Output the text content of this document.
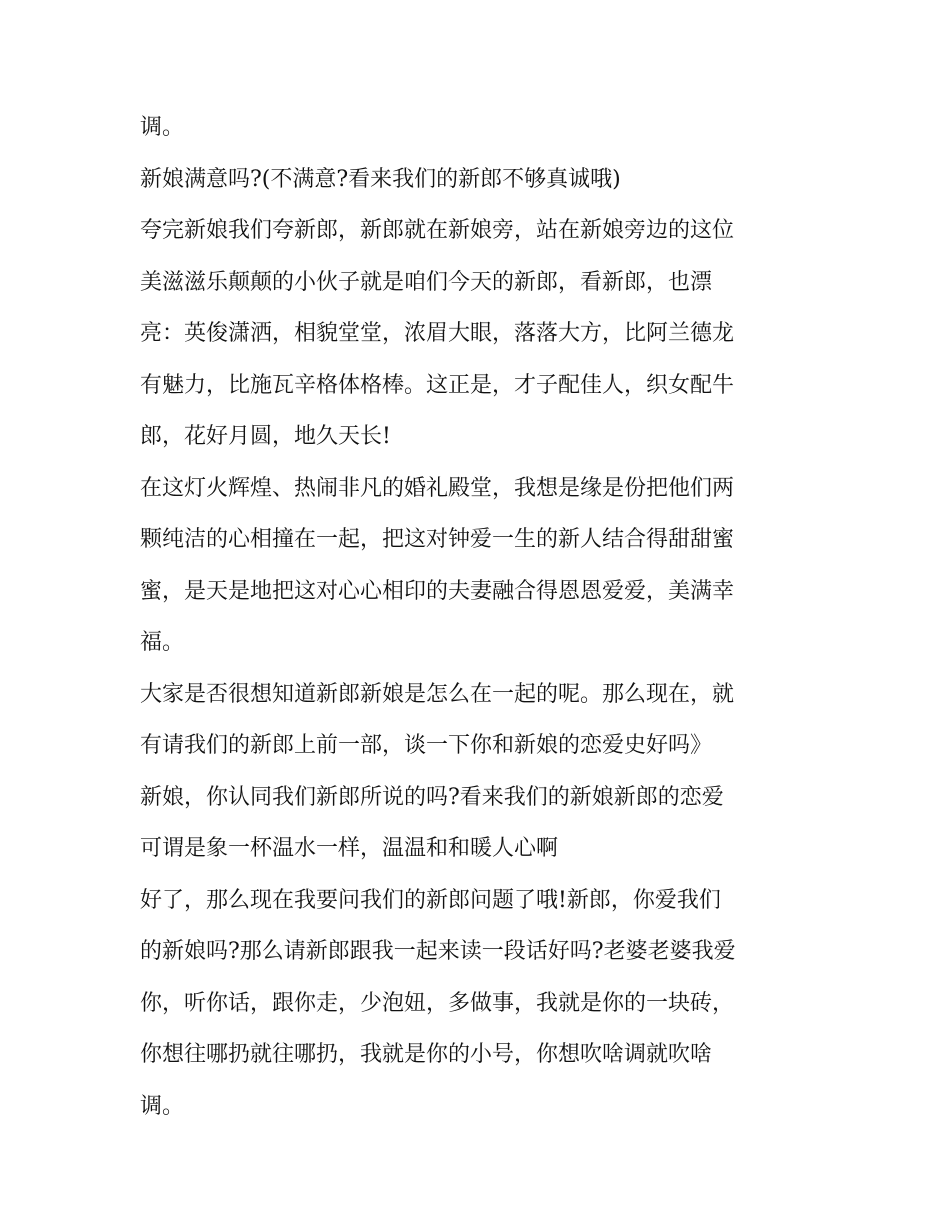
调。
新娘满意吗?(不满意?看来我们的新郎不够真诚哦)
夸完新娘我们夸新郎，新郎就在新娘旁，站在新娘旁边的这位
美滋滋乐颠颠的小伙子就是咱们今天的新郎，看新郎，也漂
亮：英俊潇洒，相貌堂堂，浓眉大眼，落落大方，比阿兰德龙
有魅力，比施瓦辛格体格棒。这正是，才子配佳人，织女配牛
郎，花好月圆，地久天长!
在这灯火辉煌、热闹非凡的婚礼殿堂，我想是缘是份把他们两
颗纯洁的心相撞在一起，把这对钟爱一生的新人结合得甜甜蜜
蜜，是天是地把这对心心相印的夫妻融合得恩恩爱爱，美满幸
福。
大家是否很想知道新郎新娘是怎么在一起的呢。那么现在，就
有请我们的新郎上前一部，谈一下你和新娘的恋爱史好吗》
新娘，你认同我们新郎所说的吗?看来我们的新娘新郎的恋爱
可谓是象一杯温水一样，温温和和暖人心啊
好了，那么现在我要问我们的新郎问题了哦!新郎，你爱我们
的新娘吗?那么请新郎跟我一起来读一段话好吗?老婆老婆我爱
你，听你话，跟你走，少泡妞，多做事，我就是你的一块砖，
你想往哪扔就往哪扔，我就是你的小号，你想吹啥调就吹啥
调。
